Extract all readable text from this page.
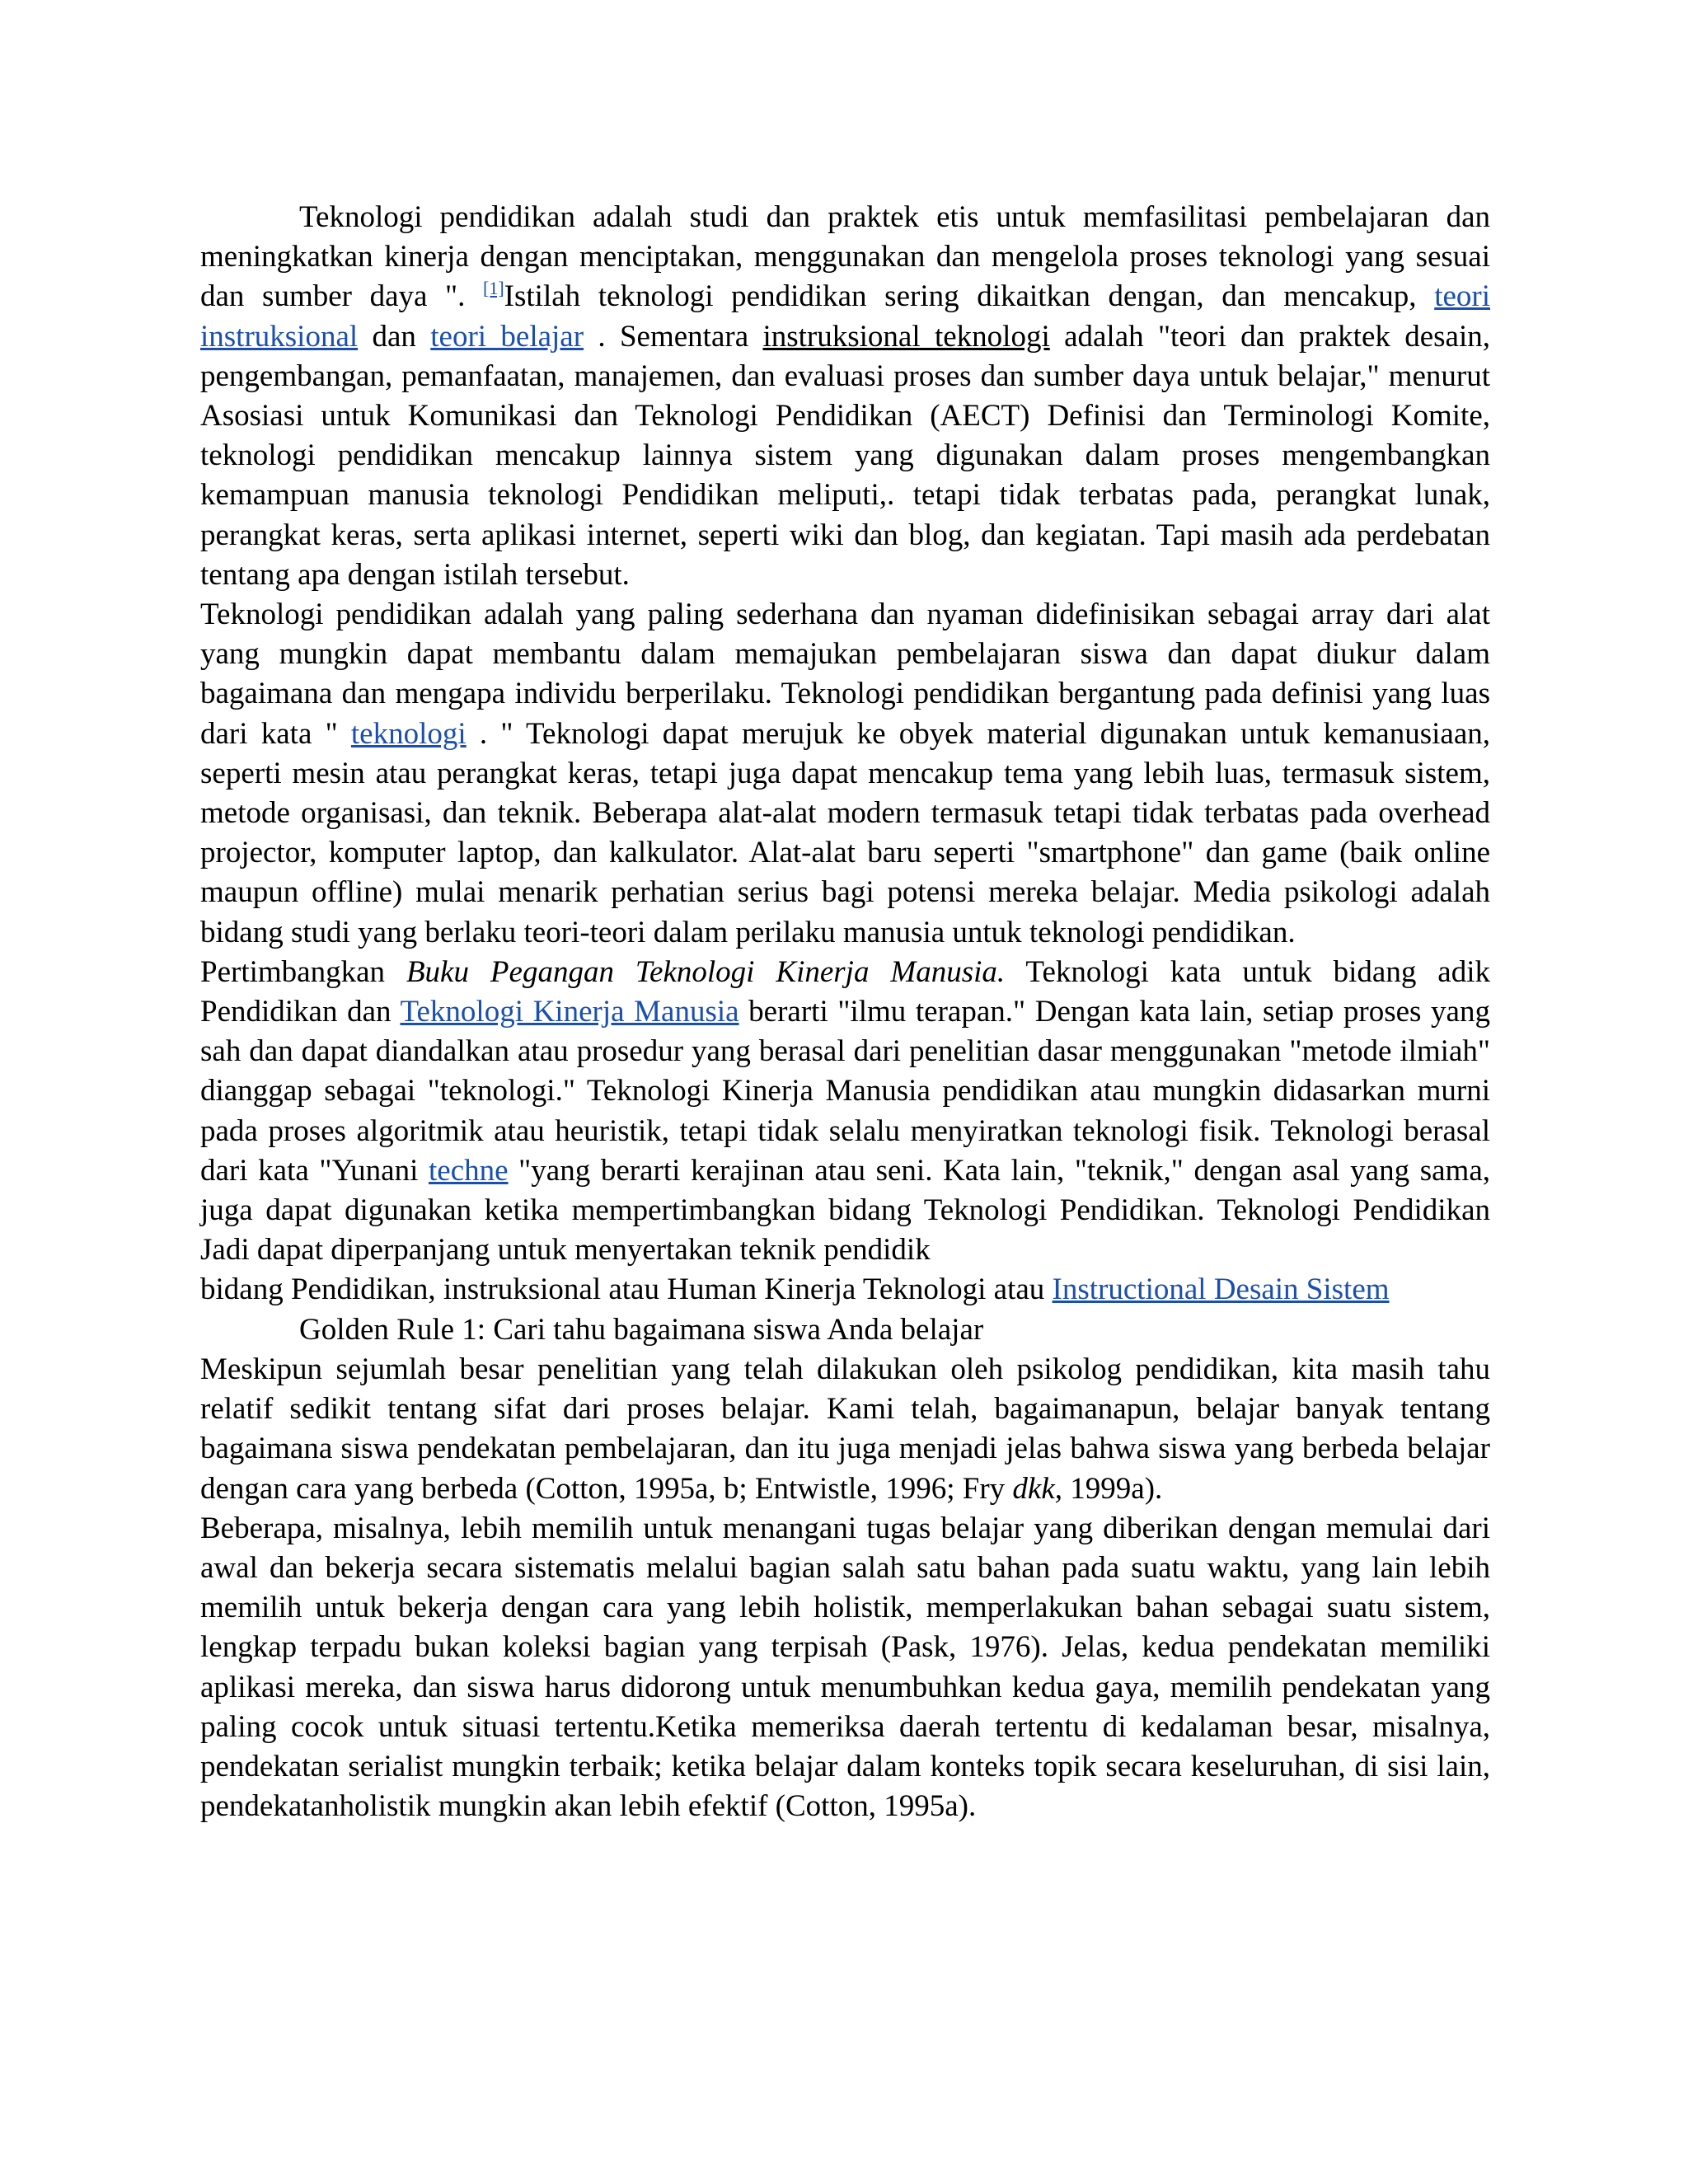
Teknologi pendidikan adalah studi dan praktek etis untuk memfasilitasi pembelajaran dan meningkatkan kinerja dengan menciptakan, menggunakan dan mengelola proses teknologi yang sesuai dan sumber daya ". [1]Istilah teknologi pendidikan sering dikaitkan dengan, dan mencakup, teori instruksional dan teori belajar . Sementara instruksional teknologi adalah "teori dan praktek desain, pengembangan, pemanfaatan, manajemen, dan evaluasi proses dan sumber daya untuk belajar," menurut Asosiasi untuk Komunikasi dan Teknologi Pendidikan (AECT) Definisi dan Terminologi Komite, teknologi pendidikan mencakup lainnya sistem yang digunakan dalam proses mengembangkan kemampuan manusia teknologi Pendidikan meliputi,. tetapi tidak terbatas pada, perangkat lunak, perangkat keras, serta aplikasi internet, seperti wiki dan blog, dan kegiatan. Tapi masih ada perdebatan tentang apa dengan istilah tersebut.

Teknologi pendidikan adalah yang paling sederhana dan nyaman didefinisikan sebagai array dari alat yang mungkin dapat membantu dalam memajukan pembelajaran siswa dan dapat diukur dalam bagaimana dan mengapa individu berperilaku. Teknologi pendidikan bergantung pada definisi yang luas dari kata " teknologi . " Teknologi dapat merujuk ke obyek material digunakan untuk kemanusiaan, seperti mesin atau perangkat keras, tetapi juga dapat mencakup tema yang lebih luas, termasuk sistem, metode organisasi, dan teknik. Beberapa alat-alat modern termasuk tetapi tidak terbatas pada overhead projector, komputer laptop, dan kalkulator. Alat-alat baru seperti "smartphone" dan game (baik online maupun offline) mulai menarik perhatian serius bagi potensi mereka belajar. Media psikologi adalah bidang studi yang berlaku teori-teori dalam perilaku manusia untuk teknologi pendidikan.

Pertimbangkan Buku Pegangan Teknologi Kinerja Manusia. Teknologi kata untuk bidang adik Pendidikan dan Teknologi Kinerja Manusia berarti "ilmu terapan." Dengan kata lain, setiap proses yang sah dan dapat diandalkan atau prosedur yang berasal dari penelitian dasar menggunakan "metode ilmiah" dianggap sebagai "teknologi." Teknologi Kinerja Manusia pendidikan atau mungkin didasarkan murni pada proses algoritmik atau heuristik, tetapi tidak selalu menyiratkan teknologi fisik. Teknologi berasal dari kata "Yunani techne "yang berarti kerajinan atau seni. Kata lain, "teknik," dengan asal yang sama, juga dapat digunakan ketika mempertimbangkan bidang Teknologi Pendidikan. Teknologi Pendidikan Jadi dapat diperpanjang untuk menyertakan teknik pendidik

bidang Pendidikan, instruksional atau Human Kinerja Teknologi atau Instructional Desain Sistem

Golden Rule 1: Cari tahu bagaimana siswa Anda belajar

Meskipun sejumlah besar penelitian yang telah dilakukan oleh psikolog pendidikan, kita masih tahu relatif sedikit tentang sifat dari proses belajar. Kami telah, bagaimanapun, belajar banyak tentang bagaimana siswa pendekatan pembelajaran, dan itu juga menjadi jelas bahwa siswa yang berbeda belajar dengan cara yang berbeda (Cotton, 1995a, b; Entwistle, 1996; Fry dkk, 1999a).

Beberapa, misalnya, lebih memilih untuk menangani tugas belajar yang diberikan dengan memulai dari awal dan bekerja secara sistematis melalui bagian salah satu bahan pada suatu waktu, yang lain lebih memilih untuk bekerja dengan cara yang lebih holistik, memperlakukan bahan sebagai suatu sistem, lengkap terpadu bukan koleksi bagian yang terpisah (Pask, 1976). Jelas, kedua pendekatan memiliki aplikasi mereka, dan siswa harus didorong untuk menumbuhkan kedua gaya, memilih pendekatan yang paling cocok untuk situasi tertentu.Ketika memeriksa daerah tertentu di kedalaman besar, misalnya, pendekatan serialist mungkin terbaik; ketika belajar dalam konteks topik secara keseluruhan, di sisi lain, pendekatanholistik mungkin akan lebih efektif (Cotton, 1995a).
